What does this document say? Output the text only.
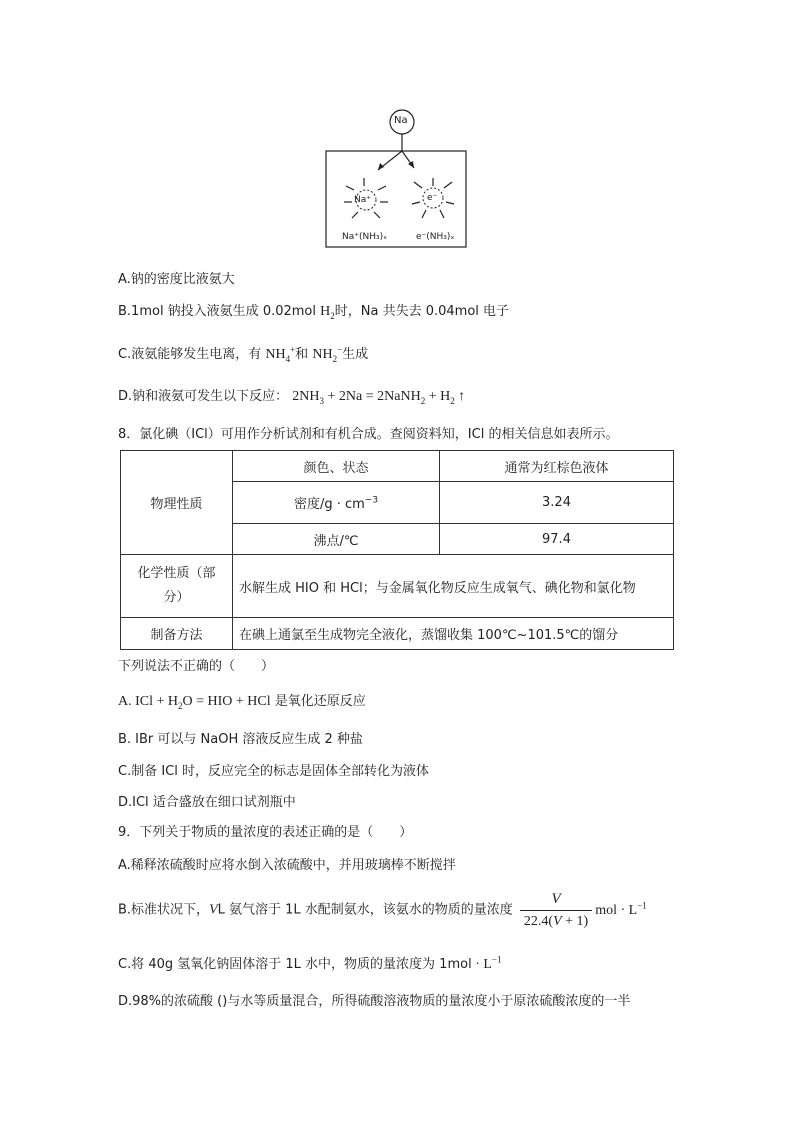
Na
Na⁺	e⁻
Na⁺(NH₃)ₓ	e⁻(NH₃)ₓ
A.钠的密度比液氨大
B.1mol 钠投入液氨生成 0.02mol $H_2$时，Na 共失去 0.04mol 电子
C.液氨能够发生电离，有 $NH_4^+$和 $NH_2^-$生成
D.钠和液氨可发生以下反应： $2NH_3 + 2Na$ = 2NaNH$_2$ + $H_2$ ↑
8．氯化碘（ICl）可用作分析试剂和有机合成。查阅资料知，ICl 的相关信息如表所示。
物理性质	颜色、状态	通常为红棕色液体
	密度$/g \cdot cm^{-3}$	3.24
	沸点/℃	97.4
化学性质（部分）	水解生成 HIO 和 HCl；与金属氧化物反应生成氧气、碘化物和氯化物	
制备方法	在碘上通氯至生成物完全液化，蒸馏收集 100℃~101.5℃的馏分	
下列说法不正确的（　　）
A. ICl + $H_2O$ = HIO + HCl 是氧化还原反应
B. IBr 可以与 NaOH 溶液反应生成 2 种盐
C.制备 ICl 时，反应完全的标志是固体全部转化为液体
D.ICl 适合盛放在细口试剂瓶中
9．下列关于物质的量浓度的表述正确的是（　　）
A.稀释浓硫酸时应将水倒入浓硫酸中，并用玻璃棒不断搅拌
B.标准状况下，VL 氨气溶于 1L 水配制氨水，该氨水的物质的量浓度 $\frac{V}{22.4(V + 1)}$ mol · $L^{-1}$
C.将 40g 氢氧化钠固体溶于 1L 水中，物质的量浓度为 $1mol \cdot L^{-1}$
D.98%的浓硫酸 ()与水等质量混合，所得硫酸溶液物质的量浓度小于原浓硫酸浓度的一半
